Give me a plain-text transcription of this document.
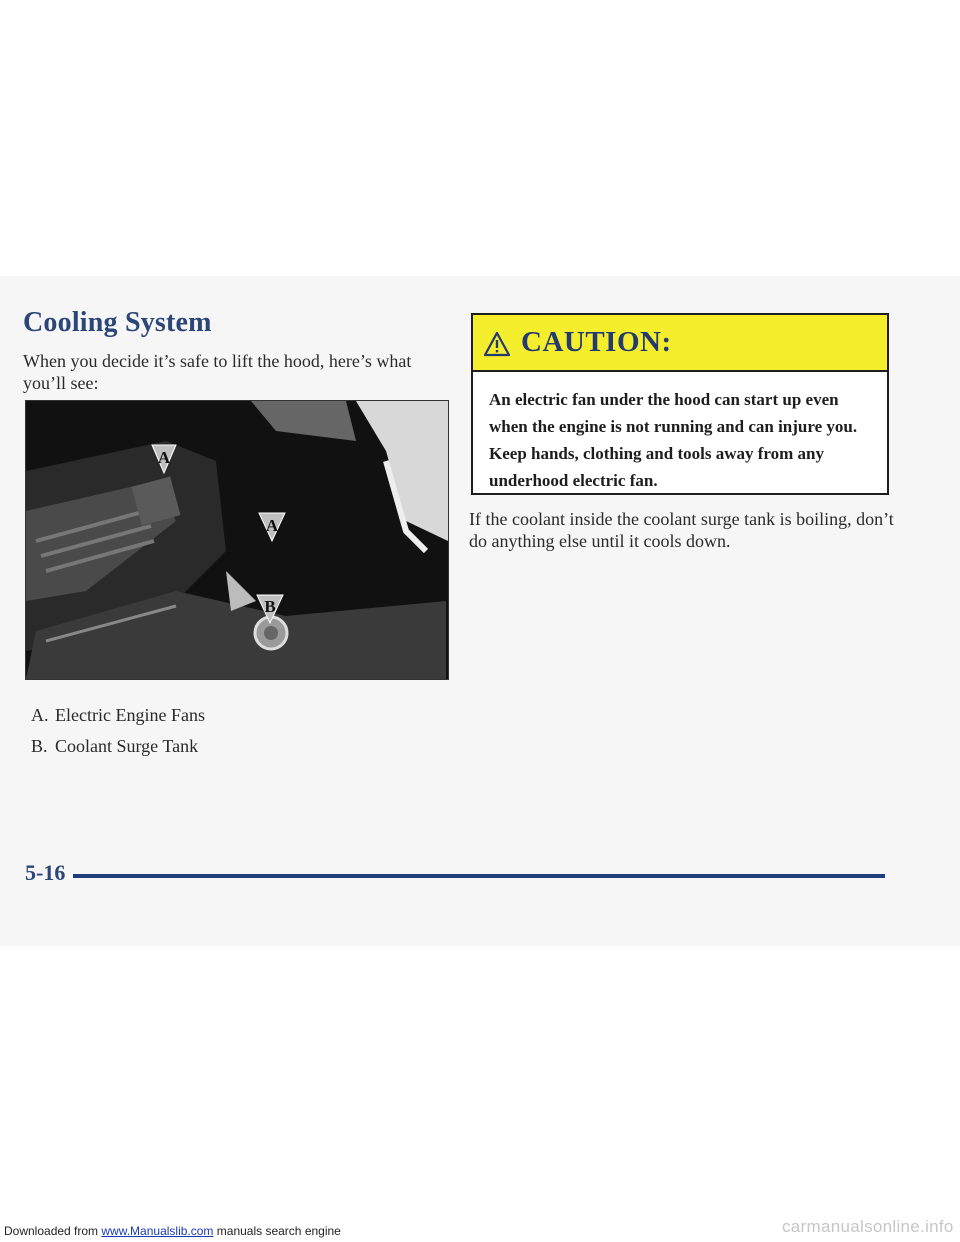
Cooling System
When you decide it’s safe to lift the hood, here’s what you’ll see:
A
A
B
A. Electric Engine Fans
B. Coolant Surge Tank
CAUTION:
An electric fan under the hood can start up even when the engine is not running and can injure you. Keep hands, clothing and tools away from any underhood electric fan.
If the coolant inside the coolant surge tank is boiling, don’t do anything else until it cools down.
5-16
Downloaded from www.Manualslib.com manuals search engine	carmanualsonline.info
